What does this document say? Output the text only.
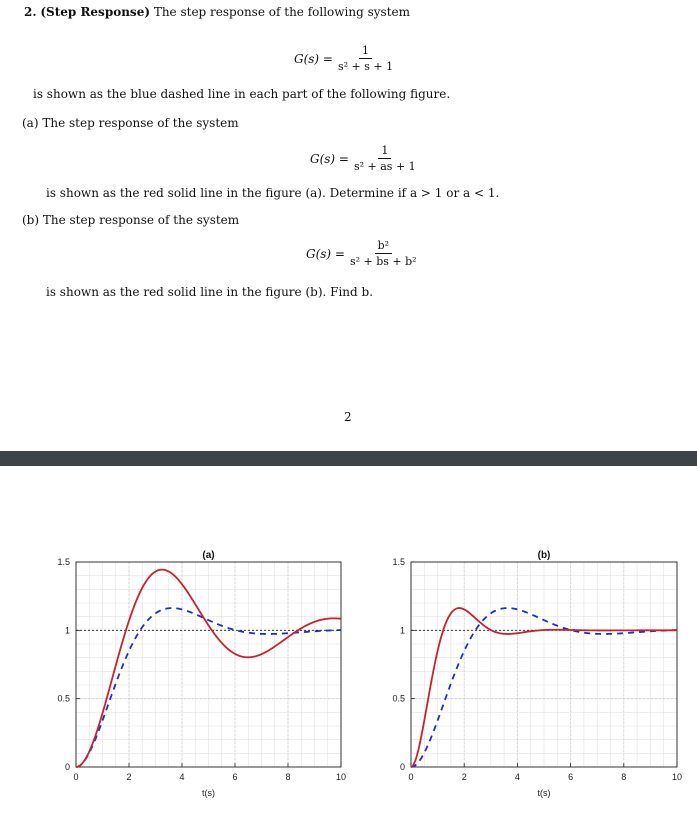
2. (Step Response) The step response of the following system
$G(s) = \frac{1}{\text{s² + s + 1}}$
is shown as the blue dashed line in each part of the following figure.
(a) The step response of the system
$G(s) = \frac{1}{\text{s² + as + 1}}$
is shown as the red solid line in the figure (a). Determine if a > 1 or a < 1.
(b) The step response of the system
$G(s) = \frac{\text{b²}}{\text{s² + bs + b²}}$
is shown as the red solid line in the figure (b). Find b.
2
0	2	4	6	8	10
0
0.5
1
1.5
(a)
t(s)
0	2	4	6	8	10
0
0.5
1
1.5
(b)
t(s)
